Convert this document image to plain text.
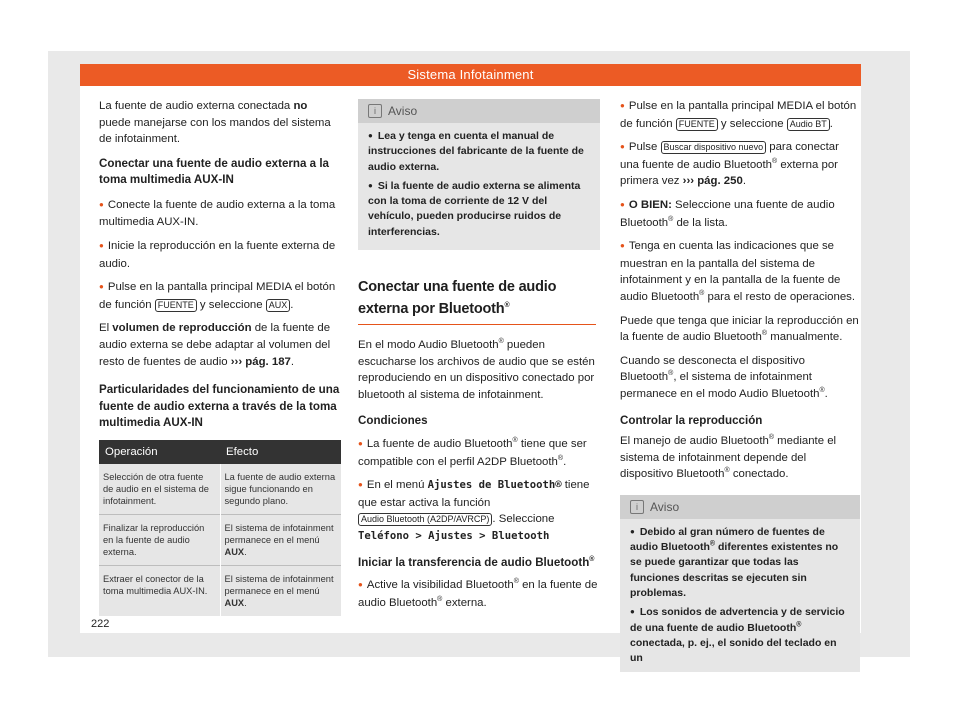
Sistema Infotainment

La fuente de audio externa conectada no puede manejarse con los mandos del sistema de infotainment.

Conectar una fuente de audio externa a la toma multimedia AUX-IN

● Conecte la fuente de audio externa a la toma multimedia AUX-IN.

● Inicie la reproducción en la fuente externa de audio.

● Pulse en la pantalla principal MEDIA el botón de función FUENTE y seleccione AUX .

El volumen de reproducción de la fuente de audio externa se debe adaptar al volumen del resto de fuentes de audio ››› pág. 187.

Particularidades del funcionamiento de una fuente de audio externa a través de la toma multimedia AUX-IN
Operación	Efecto
Selección de otra fuente de audio en el sistema de infotainment.	La fuente de audio externa sigue funcionando en segundo plano.

Finalizar la reproducción en la fuente de audio externa.	El sistema de infotainment permanece en el menú AUX.

Extraer el conector de la toma multimedia AUX-IN.	El sistema de infotainment permanece en el menú AUX.
i Aviso
● Lea y tenga en cuenta el manual de instrucciones del fabricante de la fuente de audio externa.
● Si la fuente de audio externa se alimenta con la toma de corriente de 12 V del vehículo, pueden producirse ruidos de interferencias.
Conectar una fuente de audio externa por Bluetooth®

En el modo Audio Bluetooth® pueden escucharse los archivos de audio que se estén reproduciendo en un dispositivo conectado por bluetooth al sistema de infotainment.

Condiciones

● La fuente de audio Bluetooth® tiene que ser compatible con el perfil A2DP Bluetooth®.

● En el menú Ajustes de Bluetooth® tiene que estar activa la función Audio Bluetooth (A2DP/AVRCP) . Seleccione Teléfono > Ajustes > Bluetooth

Iniciar la transferencia de audio Bluetooth®

● Active la visibilidad Bluetooth® en la fuente de audio Bluetooth® externa.

● Pulse en la pantalla principal MEDIA el botón de función FUENTE y seleccione Audio BT .

● Pulse Buscar dispositivo nuevo para conectar una fuente de audio Bluetooth® externa por primera vez ››› pág. 250.

● O BIEN: Seleccione una fuente de audio Bluetooth® de la lista.

● Tenga en cuenta las indicaciones que se muestran en la pantalla del sistema de infotainment y en la pantalla de la fuente de audio Bluetooth® para el resto de operaciones.

Puede que tenga que iniciar la reproducción en la fuente de audio Bluetooth® manualmente.

Cuando se desconecta el dispositivo Bluetooth®, el sistema de infotainment permanece en el modo Audio Bluetooth®.

Controlar la reproducción

El manejo de audio Bluetooth® mediante el sistema de infotainment depende del dispositivo Bluetooth® conectado.

i Aviso
● Debido al gran número de fuentes de audio Bluetooth® diferentes existentes no se puede garantizar que todas las funciones descritas se ejecuten sin problemas.
● Los sonidos de advertencia y de servicio de una fuente de audio Bluetooth® conectada, p. ej., el sonido del teclado en un
222
